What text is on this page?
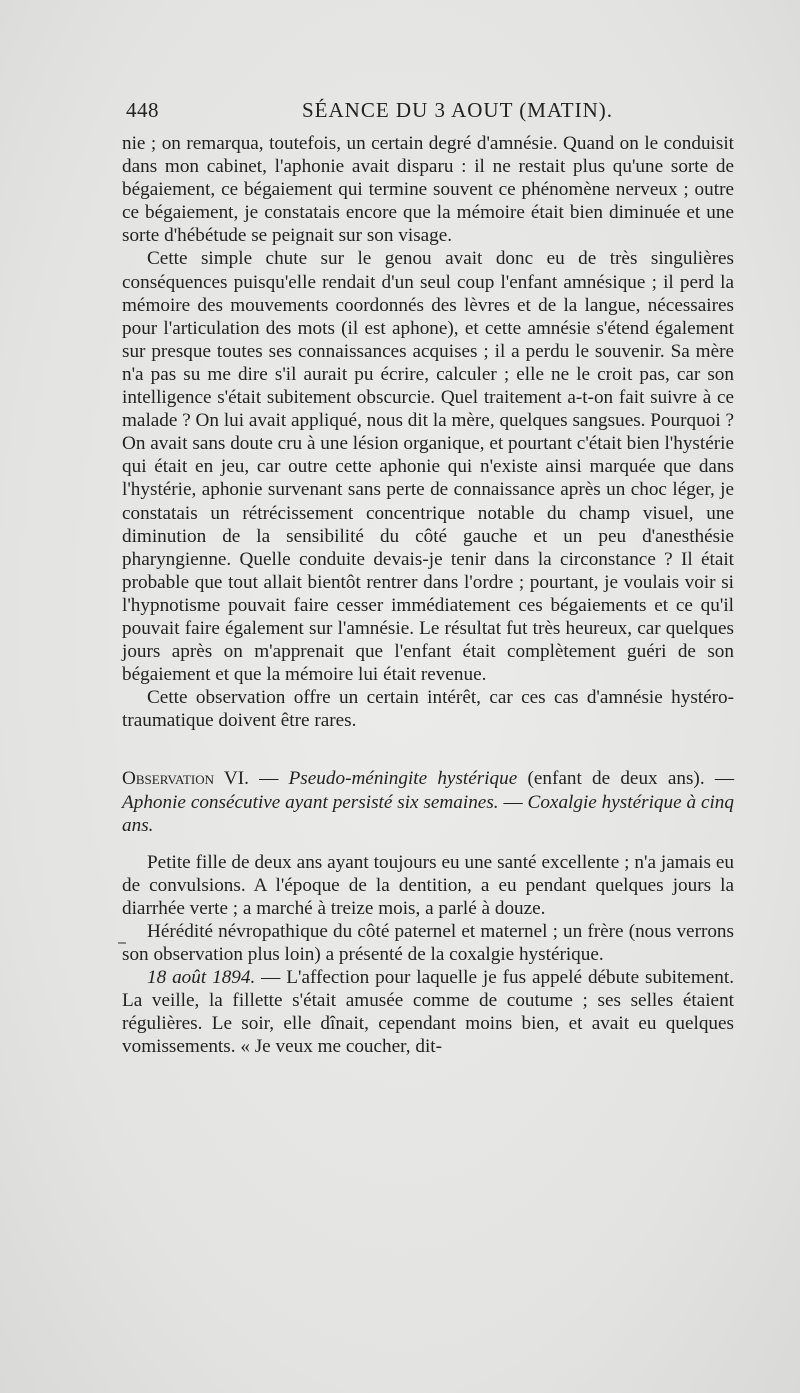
448	SÉANCE DU 3 AOUT (MATIN).

nie ; on remarqua, toutefois, un certain degré d'amnésie. Quand on le conduisit dans mon cabinet, l'aphonie avait disparu : il ne restait plus qu'une sorte de bégaiement, ce bégaiement qui termine souvent ce phénomène nerveux ; outre ce bégaiement, je constatais encore que la mémoire était bien diminuée et une sorte d'hébétude se peignait sur son visage.

Cette simple chute sur le genou avait donc eu de très singulières conséquences puisqu'elle rendait d'un seul coup l'enfant amnésique ; il perd la mémoire des mouvements coordonnés des lèvres et de la langue, nécessaires pour l'articulation des mots (il est aphone), et cette amnésie s'étend également sur presque toutes ses connaissances acquises ; il a perdu le souvenir. Sa mère n'a pas su me dire s'il aurait pu écrire, calculer ; elle ne le croit pas, car son intelligence s'était subitement obscurcie. Quel traitement a-t-on fait suivre à ce malade ? On lui avait appliqué, nous dit la mère, quelques sangsues. Pourquoi ? On avait sans doute cru à une lésion organique, et pourtant c'était bien l'hystérie qui était en jeu, car outre cette aphonie qui n'existe ainsi marquée que dans l'hystérie, aphonie survenant sans perte de connaissance après un choc léger, je constatais un rétrécissement concentrique notable du champ visuel, une diminution de la sensibilité du côté gauche et un peu d'anesthésie pharyngienne. Quelle conduite devais-je tenir dans la circonstance ? Il était probable que tout allait bientôt rentrer dans l'ordre ; pourtant, je voulais voir si l'hypnotisme pouvait faire cesser immédiatement ces bégaiements et ce qu'il pouvait faire également sur l'amnésie. Le résultat fut très heureux, car quelques jours après on m'apprenait que l'enfant était complètement guéri de son bégaiement et que la mémoire lui était revenue.

Cette observation offre un certain intérêt, car ces cas d'amnésie hystéro-traumatique doivent être rares.

Observation VI. — Pseudo-méningite hystérique (enfant de deux ans). — Aphonie consécutive ayant persisté six semaines. — Coxalgie hystérique à cinq ans.

Petite fille de deux ans ayant toujours eu une santé excellente ; n'a jamais eu de convulsions. A l'époque de la dentition, a eu pendant quelques jours la diarrhée verte ; a marché à treize mois, a parlé à douze.

Hérédité névropathique du côté paternel et maternel ; un frère (nous verrons son observation plus loin) a présenté de la coxalgie hystérique.

18 août 1894. — L'affection pour laquelle je fus appelé débute subitement. La veille, la fillette s'était amusée comme de coutume ; ses selles étaient régulières. Le soir, elle dînait, cependant moins bien, et avait eu quelques vomissements. « Je veux me coucher, dit-
